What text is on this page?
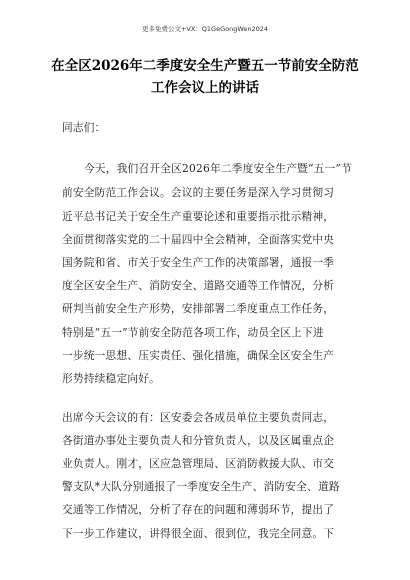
更多免费公文+VX：Q1GeGongWen2024
在全区2026年二季度安全生产暨五一节前安全防范
工作会议上的讲话
同志们：
今天，我们召开全区2026年二季度安全生产暨“五一”节
前安全防范工作会议。会议的主要任务是深入学习贯彻习
近平总书记关于安全生产重要论述和重要指示批示精神，
全面贯彻落实党的二十届四中全会精神，全面落实党中央
国务院和省、市关于安全生产工作的决策部署，通报一季
度全区安全生产、消防安全、道路交通等工作情况，分析
研判当前安全生产形势，安排部署二季度重点工作任务，
特别是“五一”节前安全防范各项工作，动员全区上下进
一步统一思想、压实责任、强化措施，确保全区安全生产
形势持续稳定向好。
出席今天会议的有：区安委会各成员单位主要负责同志，
各街道办事处主要负责人和分管负责人，以及区属重点企
业负责人。刚才，区应急管理局、区消防救援大队、市交
警支队*大队分别通报了一季度安全生产、消防安全、道路
交通等工作情况，分析了存在的问题和薄弱环节，提出了
下一步工作建议，讲得很全面、很到位，我完全同意。下
